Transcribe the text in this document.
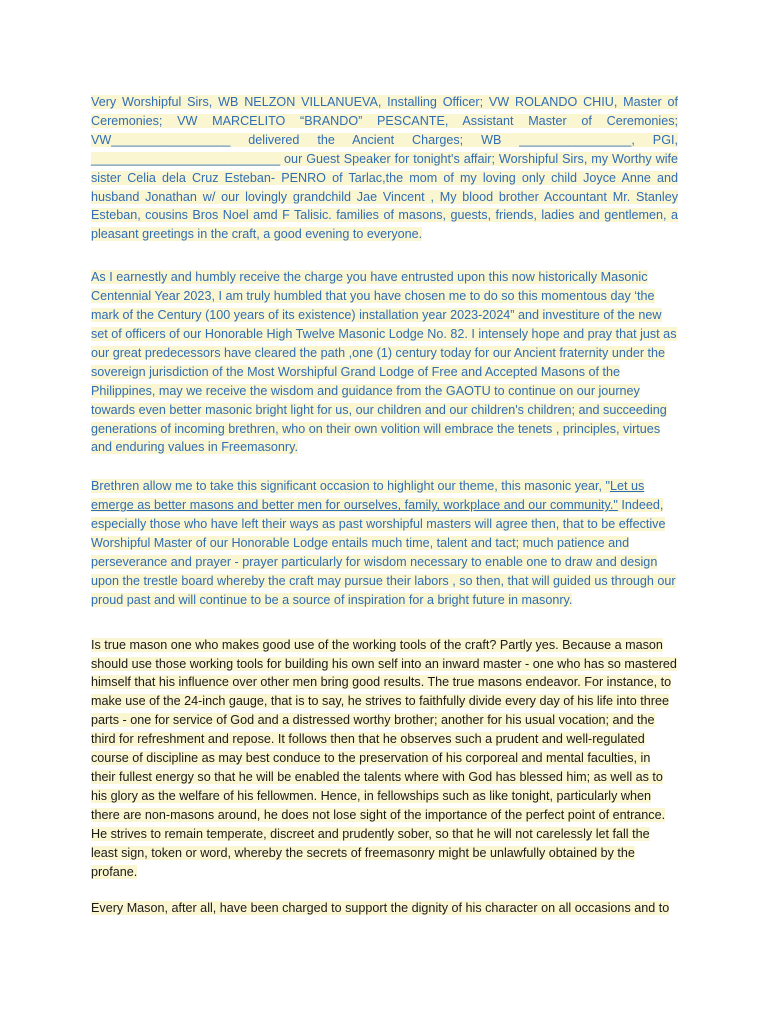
Very Worshipful Sirs, WB NELZON VILLANUEVA, Installing Officer; VW ROLANDO CHIU, Master of Ceremonies; VW MARCELITO “BRANDO” PESCANTE, Assistant Master of Ceremonies; VW_________________ delivered the Ancient Charges; WB ________________, PGI, ___________________________ our Guest Speaker for tonight's affair; Worshipful Sirs, my Worthy wife sister Celia dela Cruz Esteban- PENRO of Tarlac,the mom of my loving only child Joyce Anne and husband Jonathan w/ our lovingly grandchild Jae Vincent , My blood brother Accountant Mr. Stanley Esteban, cousins Bros Noel amd F Talisic. families of masons, guests, friends, ladies and gentlemen, a pleasant greetings in the craft, a good evening to everyone.

As I earnestly and humbly receive the charge you have entrusted upon this now historically Masonic Centennial Year 2023, I am truly humbled that you have chosen me to do so this momentous day ‘the mark of the Century (100 years of its existence) installation year 2023-2024” and investiture of the new set of officers of our Honorable High Twelve Masonic Lodge No. 82. I intensely hope and pray that just as our great predecessors have cleared the path ,one (1) century today for our Ancient fraternity under the sovereign jurisdiction of the Most Worshipful Grand Lodge of Free and Accepted Masons of the Philippines, may we receive the wisdom and guidance from the GAOTU to continue on our journey towards even better masonic bright light for us, our children and our children's children; and succeeding generations of incoming brethren, who on their own volition will embrace the tenets , principles, virtues and enduring values in Freemasonry.

Brethren allow me to take this significant occasion to highlight our theme, this masonic year, "Let us emerge as better masons and better men for ourselves, family, workplace and our community." Indeed, especially those who have left their ways as past worshipful masters will agree then, that to be effective Worshipful Master of our Honorable Lodge entails much time, talent and tact; much patience and perseverance and prayer - prayer particularly for wisdom necessary to enable one to draw and design upon the trestle board whereby the craft may pursue their labors , so then, that will guided us through our proud past and will continue to be a source of inspiration for a bright future in masonry.

Is true mason one who makes good use of the working tools of the craft? Partly yes. Because a mason should use those working tools for building his own self into an inward master - one who has so mastered himself that his influence over other men bring good results. The true masons endeavor. For instance, to make use of the 24-inch gauge, that is to say, he strives to faithfully divide every day of his life into three parts - one for service of God and a distressed worthy brother; another for his usual vocation; and the third for refreshment and repose. It follows then that he observes such a prudent and well-regulated course of discipline as may best conduce to the preservation of his corporeal and mental faculties, in their fullest energy so that he will be enabled the talents where with God has blessed him; as well as to his glory as the welfare of his fellowmen. Hence, in fellowships such as like tonight, particularly when there are non-masons around, he does not lose sight of the importance of the perfect point of entrance. He strives to remain temperate, discreet and prudently sober, so that he will not carelessly let fall the least sign, token or word, whereby the secrets of freemasonry might be unlawfully obtained by the profane.

Every Mason, after all, have been charged to support the dignity of his character on all occasions and to
